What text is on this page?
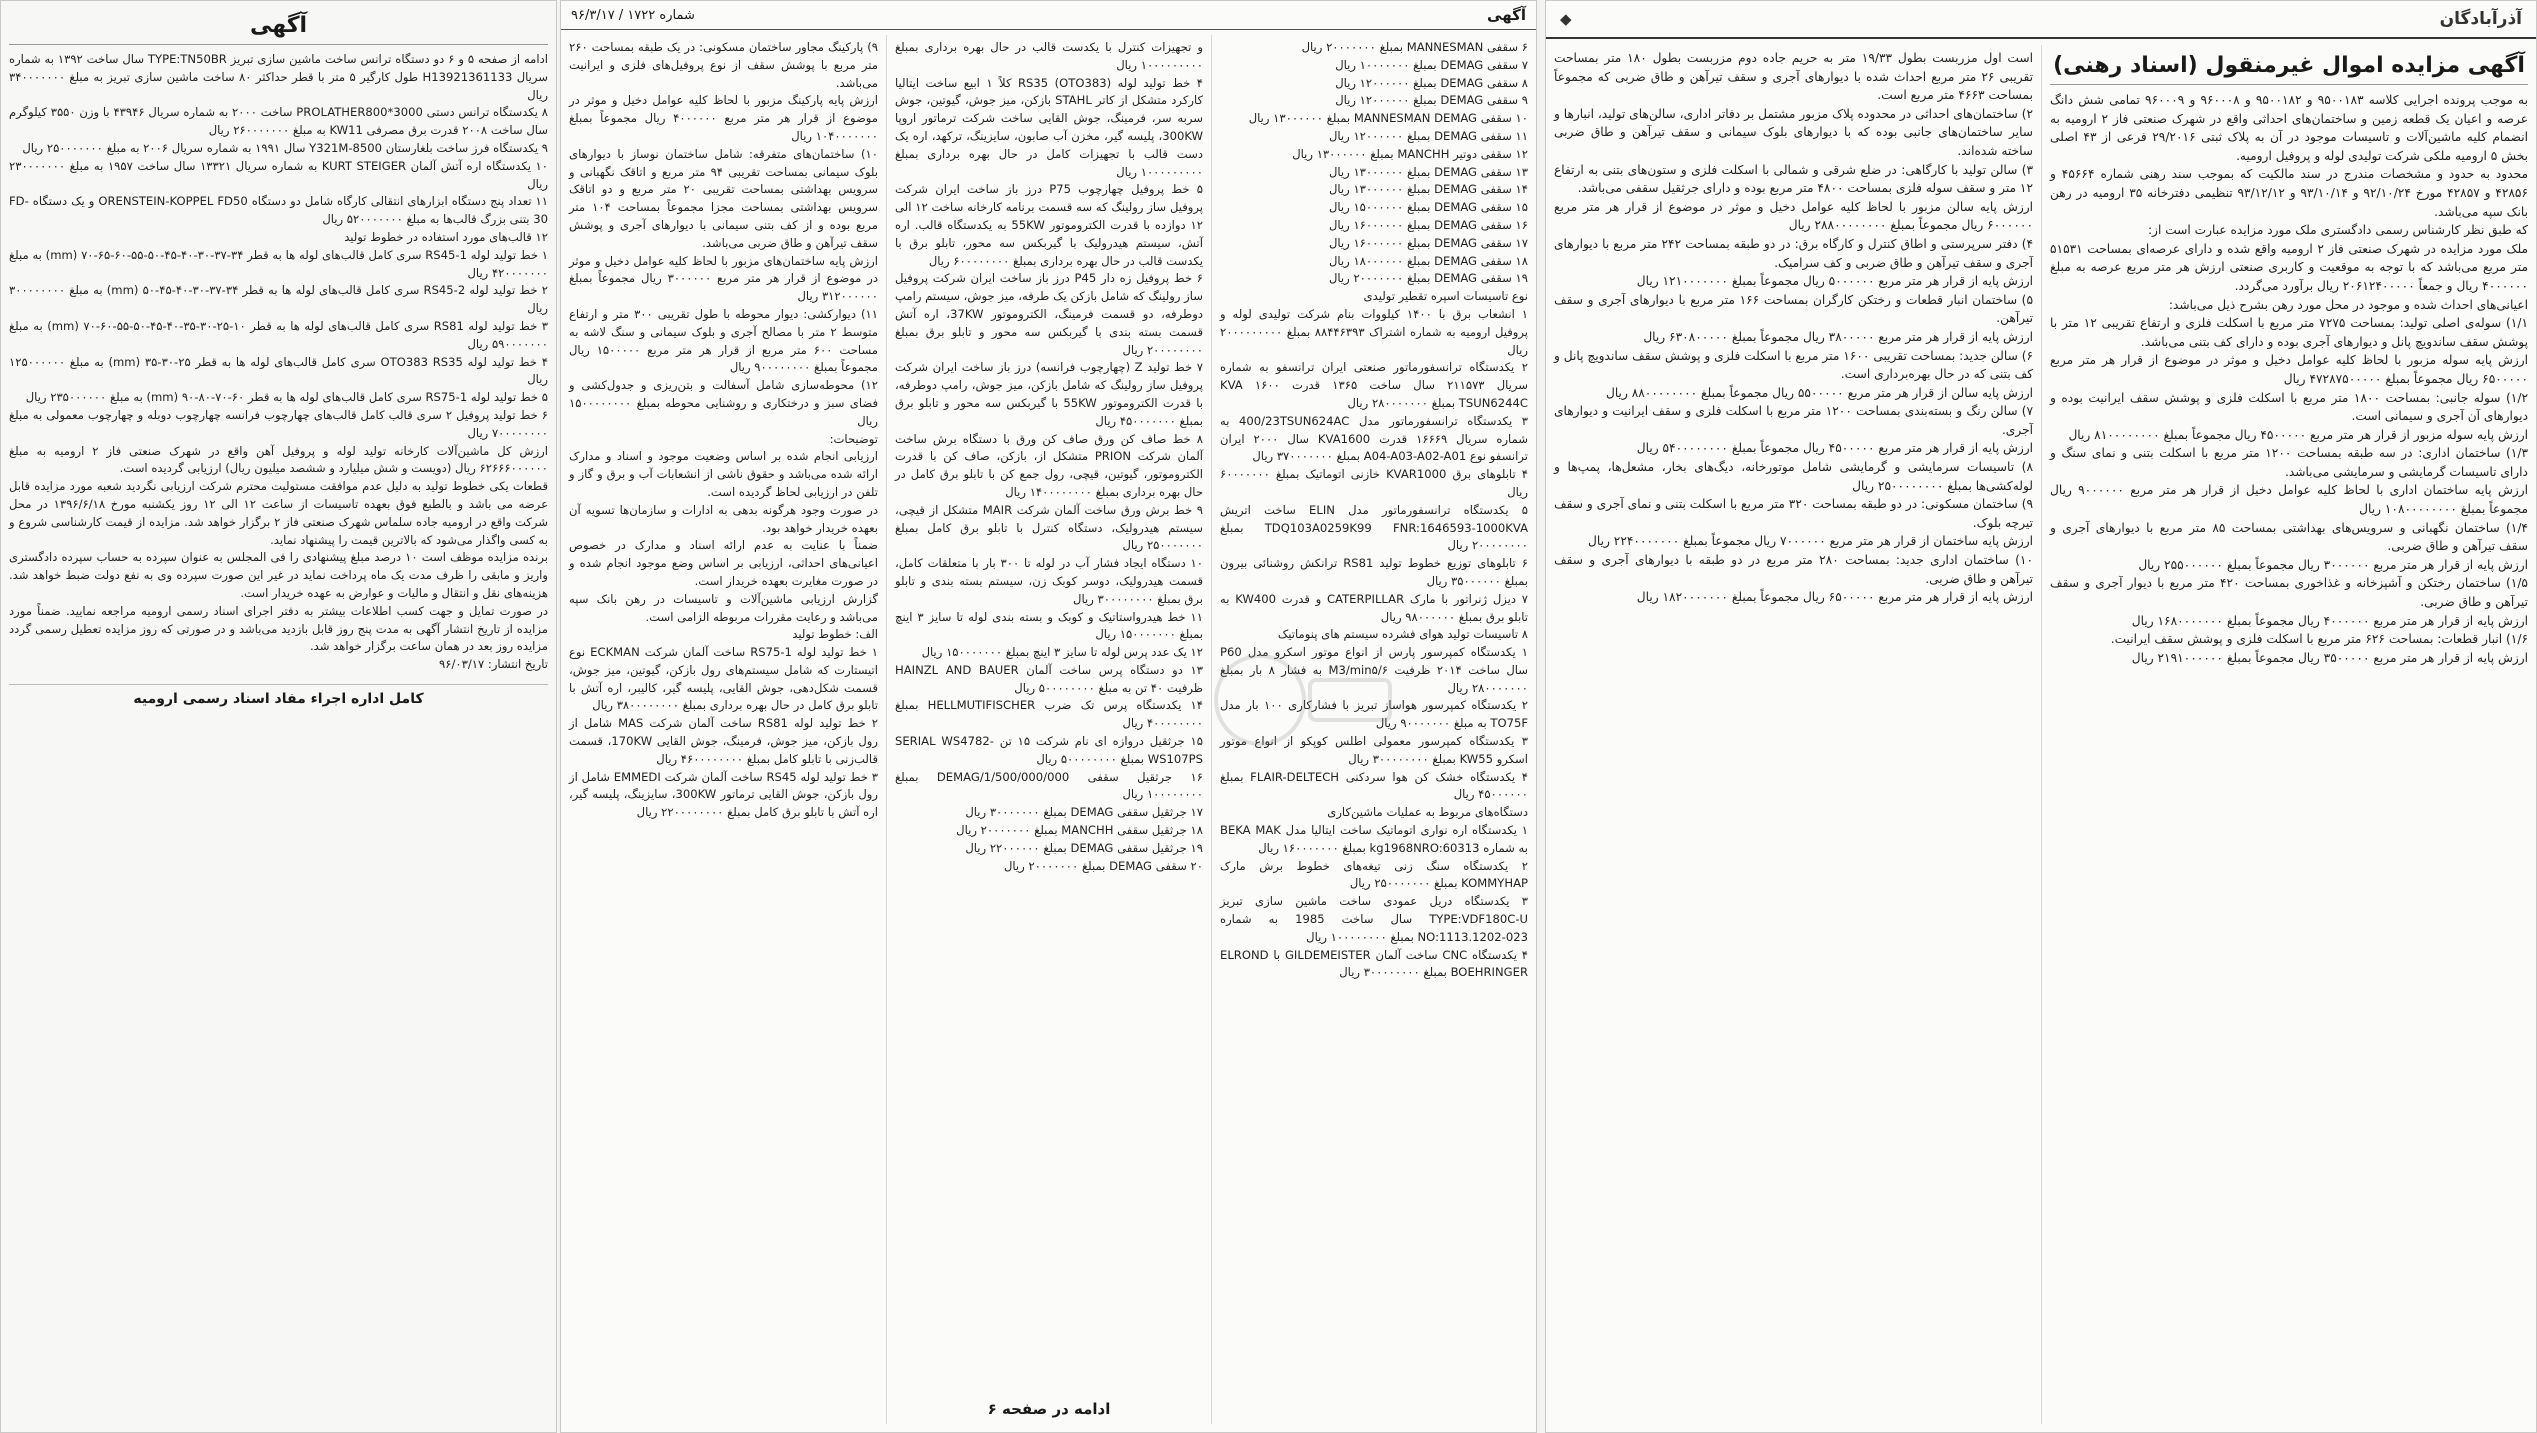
آگهی

ادامه از صفحه ۵ و ۶ دو دستگاه ترانس ساخت ماشین سازی تبریز TYPE:TN50BR سال ساخت ۱۳۹۲ به شماره سریال H13921361133 طول کارگیر ۵ متر با قطر حداکثر ۸۰ ساخت ماشین سازی تبریز به مبلغ ۳۴۰۰۰۰۰۰۰ ریال

۸ یکدستگاه ترانس دستی PROLATHER800*3000 ساخت ۲۰۰۰ به شماره سریال ۴۳۹۴۶ با وزن ۳۵۵۰ کیلوگرم سال ساخت ۲۰۰۸ قدرت برق مصرفی KW11 به مبلغ ۲۶۰۰۰۰۰۰۰ ریال

۹ یکدستگاه فرز ساخت بلغارستان Y321M-8500 سال ۱۹۹۱ به شماره سریال ۲۰۰۶ به مبلغ ۲۵۰۰۰۰۰۰۰ ریال

۱۰ یکدستگاه اره آتش آلمان KURT STEIGER به شماره سریال ۱۳۳۲۱ سال ساخت ۱۹۵۷ به مبلغ ۲۳۰۰۰۰۰۰۰ ریال

۱۱ تعداد پنج دستگاه ابزارهای انتقالی کارگاه شامل دو دستگاه ORENSTEIN-KOPPEL FD50 و یک دستگاه FD-30 بتنی بزرگ قالب‌ها به مبلغ ۵۲۰۰۰۰۰۰۰ ریال

۱۲ قالب‌های مورد استفاده در خطوط تولید

۱ خط تولید لوله RS45-1 سری کامل قالب‌های لوله ها به قطر ۳۴-۳۷-۳۰-۴۰-۴۵-۵۰-۵۵-۶۰-۶۵-۷۰ (mm) به مبلغ ۴۲۰۰۰۰۰۰۰ ریال

۲ خط تولید لوله RS45-2 سری کامل قالب‌های لوله ها به قطر ۳۴-۳۷-۳۰-۴۰-۴۵-۵۰ (mm) به مبلغ ۳۰۰۰۰۰۰۰۰ ریال

۳ خط تولید لوله RS81 سری کامل قالب‌های لوله ها به قطر ۱۰-۲۵-۳۰-۳۵-۴۰-۴۵-۵۰-۵۵-۶۰-۷۰ (mm) به مبلغ ۵۹۰۰۰۰۰۰۰ ریال

۴ خط تولید لوله OTO383 RS35 سری کامل قالب‌های لوله ها به قطر ۲۵-۳۰-۳۵ (mm) به مبلغ ۱۲۵۰۰۰۰۰۰ ریال

۵ خط تولید لوله RS75-1 سری کامل قالب‌های لوله ها به قطر ۶۰-۷۰-۸۰-۹۰ (mm) به مبلغ ۲۳۵۰۰۰۰۰۰ ریال

۶ خط تولید پروفیل ۲ سری قالب کامل قالب‌های چهارچوب فرانسه چهارچوب دوبله و چهارچوب معمولی به مبلغ ۷۰۰۰۰۰۰۰۰ ریال

ارزش کل ماشین‌آلات کارخانه تولید لوله و پروفیل آهن واقع در شهرک صنعتی فاز ۲ ارومیه به مبلغ ۶۲۶۶۶۰۰۰۰۰۰ ریال (دویست و شش میلیارد و ششصد میلیون ریال) ارزیابی گردیده است.

قطعات یکی خطوط تولید به دلیل عدم موافقت مستولیت محترم شرکت ارزیابی نگردید شعبه مورد مزایده قابل عرضه می باشد و بالطبع فوق بعهده تاسیسات از ساعت ۱۲ الی ۱۲ روز یکشنبه مورخ ۱۳۹۶/۶/۱۸ در محل شرکت واقع در ارومیه جاده سلماس شهرک صنعتی فاز ۲ برگزار خواهد شد. مزایده از قیمت کارشناسی شروع و به کسی واگذار می‌شود که بالاترین قیمت را پیشنهاد نماید.

برنده مزایده موظف است ۱۰ درصد مبلغ پیشنهادی را فی المجلس به عنوان سپرده به حساب سپرده دادگستری واریز و مابقی را ظرف مدت یک ماه پرداخت نماید در غیر این صورت سپرده وی به نفع دولت ضبط خواهد شد. هزینه‌های نقل و انتقال و مالیات و عوارض به عهده خریدار است.

در صورت تمایل و جهت کسب اطلاعات بیشتر به دفتر اجرای اسناد رسمی ارومیه مراجعه نمایید. ضمناً مورد مزایده از تاریخ انتشار آگهی به مدت پنج روز قابل بازدید می‌باشد و در صورتی که روز مزایده تعطیل رسمی گردد مزایده روز بعد در همان ساعت برگزار خواهد شد.

تاریخ انتشار: ۹۶/۰۳/۱۷

کامل اداره اجراء مفاد اسناد رسمی ارومیه
آگهی
شماره ۱۷۲۲ / ۹۶/۳/۱۷

۶ سقفی MANNESMAN بمبلغ ۲۰۰۰۰۰۰۰ ریال

۷ سقفی DEMAG بمبلغ ۱۰۰۰۰۰۰۰ ریال

۸ سقفی DEMAG بمبلغ ۱۲۰۰۰۰۰۰ ریال

۹ سقفی DEMAG بمبلغ ۱۲۰۰۰۰۰۰ ریال

۱۰ سقفی MANNESMAN DEMAG بمبلغ ۱۳۰۰۰۰۰۰ ریال

۱۱ سقفی DEMAG بمبلغ ۱۲۰۰۰۰۰۰ ریال

۱۲ سقفی دوتیر MANCHH بمبلغ ۱۳۰۰۰۰۰۰ ریال

۱۳ سقفی DEMAG بمبلغ ۱۳۰۰۰۰۰۰ ریال

۱۴ سقفی DEMAG بمبلغ ۱۳۰۰۰۰۰۰ ریال

۱۵ سقفی DEMAG بمبلغ ۱۵۰۰۰۰۰۰ ریال

۱۶ سقفی DEMAG بمبلغ ۱۶۰۰۰۰۰۰ ریال

۱۷ سقفی DEMAG بمبلغ ۱۶۰۰۰۰۰۰ ریال

۱۸ سقفی DEMAG بمبلغ ۱۸۰۰۰۰۰۰ ریال

۱۹ سقفی DEMAG بمبلغ ۲۰۰۰۰۰۰۰ ریال

نوع تاسیسات اسپره تقطیر تولیدی

۱ انشعاب برق با ۱۴۰۰ کیلووات بنام شرکت تولیدی لوله و پروفیل ارومیه به شماره اشتراک ۸۸۴۴۶۳۹۳ بمبلغ ۲۰۰۰۰۰۰۰۰۰ ریال

۲ یکدستگاه ترانسفورماتور صنعتی ایران ترانسفو به شماره سریال ۲۱۱۵۷۳ سال ساخت ۱۳۶۵ قدرت KVA ۱۶۰۰ TSUN6244C بمبلغ ۲۸۰۰۰۰۰۰۰ ریال

۳ یکدستگاه ترانسفورماتور مدل 400/23TSUN624AC به شماره سریال ۱۶۶۶۹ قدرت KVA1600 سال ۲۰۰۰ ایران ترانسفو نوع A04-A03-A02-A01 بمبلغ ۳۷۰۰۰۰۰۰۰ ریال

۴ تابلوهای برق KVAR1000 خازنی اتوماتیک بمبلغ ۶۰۰۰۰۰۰۰ ریال

۵ یکدستگاه ترانسفورماتور مدل ELIN ساخت اتریش TDQ103A0259K99 FNR:1646593-1000KVA بمبلغ ۲۰۰۰۰۰۰۰۰ ریال

۶ تابلوهای توزیع خطوط تولید RS81 ترانکش روشنائی بیرون بمبلغ ۳۵۰۰۰۰۰۰ ریال

۷ دیزل ژنراتور با مارک CATERPILLAR و قدرت KW400 به تابلو برق بمبلغ ۹۸۰۰۰۰۰۰ ریال

۸ تاسیسات تولید هوای فشرده سیستم های پنوماتیک

۱ یکدستگاه کمپرسور پارس از انواع موتور اسکرو مدل P60 سال ساخت ۲۰۱۴ ظرفیت M3/min۵/۶ به فشار ۸ بار بمبلغ ۲۸۰۰۰۰۰۰۰ ریال

۲ یکدستگاه کمپرسور هواساز تبریز با فشارکاری ۱۰۰ بار مدل TO75F به مبلغ ۹۰۰۰۰۰۰۰ ریال

۳ یکدستگاه کمپرسور معمولی اطلس کوپکو از انواع موتور اسکرو KW55 بمبلغ ۳۰۰۰۰۰۰۰۰ ریال

۴ یکدستگاه خشک کن هوا سردکنی FLAIR-DELTECH بمبلغ ۴۵۰۰۰۰۰۰ ریال

دستگاه‌های مربوط به عملیات ماشین‌کاری

۱ یکدستگاه اره نواری اتوماتیک ساخت ایتالیا مدل BEKA MAK به شماره kg1968NRO:60313 بمبلغ ۱۶۰۰۰۰۰۰۰ ریال

۲ یکدستگاه سنگ زنی تیغه‌های خطوط برش مارک KOMMYHAP بمبلغ ۲۵۰۰۰۰۰۰۰ ریال

۳ یکدستگاه دریل عمودی ساخت ماشین سازی تبریز TYPE:VDF180C-U سال ساخت 1985 به شماره NO:1113.1202-023 بمبلغ ۱۰۰۰۰۰۰۰۰ ریال

۴ یکدستگاه CNC ساخت آلمان GILDEMEISTER با ELROND BOEHRINGER بمبلغ ۳۰۰۰۰۰۰۰۰ ریال

و تجهیزات کنترل با یکدست قالب در حال بهره برداری بمبلغ ۱۰۰۰۰۰۰۰۰۰ ریال

۴ خط تولید لوله RS35 (OTO383) کلاً ۱ ابیع ساخت ایتالیا کارکرد متشکل از کاتر STAHL بازکن، میز جوش، گیوتین، جوش سربه سر، فرمینگ، جوش القایی ساخت شرکت ترماتور اروپا 300KW، پلیسه گیر، مخزن آب صابون، سایزینگ، ترکهد، اره یک دست قالب با تجهیزات کامل در حال بهره برداری بمبلغ ۱۰۰۰۰۰۰۰۰۰ ریال

۵ خط پروفیل چهارچوب P75 درز باز ساخت ایران شرکت پروفیل ساز رولینگ که سه قسمت برنامه کارخانه ساخت ۱۲ الی ۱۲ دوازده با قدرت الکتروموتور 55KW به یکدستگاه قالب. اره آتش، سیستم هیدرولیک با گیربکس سه محور، تابلو برق با یکدست قالب در حال بهره برداری بمبلغ ۶۰۰۰۰۰۰۰۰ ریال

۶ خط پروفیل زه دار P45 درز باز ساخت ایران شرکت پروفیل ساز رولینگ که شامل بازکن یک طرفه، میز جوش، سیستم رامپ دوطرفه، دو قسمت فرمینگ، الکتروموتور 37KW، اره آتش قسمت بسته بندی با گیربکس سه محور و تابلو برق بمبلغ ۲۰۰۰۰۰۰۰۰ ریال

۷ خط تولید Z (چهارچوب فرانسه) درز باز ساخت ایران شرکت پروفیل ساز رولینگ که شامل بازکن، میز جوش، رامپ دوطرفه، با قدرت الکتروموتور 55KW با گیربکس سه محور و تابلو برق بمبلغ ۴۵۰۰۰۰۰۰۰ ریال

۸ خط صاف کن ورق صاف کن ورق با دستگاه برش ساخت آلمان شرکت PRION متشکل از، بازکن، صاف کن با قدرت الکتروموتور، گیوتین، قیچی، رول جمع کن با تابلو برق کامل در حال بهره برداری بمبلغ ۱۴۰۰۰۰۰۰۰۰ ریال

۹ خط برش ورق ساخت آلمان شرکت MAIR متشکل از قیچی، سیستم هیدرولیک، دستگاه کنترل با تابلو برق کامل بمبلغ ۲۵۰۰۰۰۰۰۰ ریال

۱۰ دستگاه ایجاد فشار آب در لوله تا ۳۰۰ بار با متعلقات کامل، قسمت هیدرولیک، دوسر کوبک زن، سیستم بسته بندی و تابلو برق بمبلغ ۳۰۰۰۰۰۰۰۰ ریال

۱۱ خط هیدرواستاتیک و کوبک و بسته بندی لوله تا سایز ۳ اینچ بمبلغ ۱۵۰۰۰۰۰۰۰ ریال

۱۲ یک عدد پرس لوله تا سایز ۳ اینچ بمبلغ ۱۵۰۰۰۰۰۰۰ ریال

۱۳ دو دستگاه پرس ساخت آلمان HAINZL AND BAUER ظرفیت ۴۰ تن به مبلغ ۵۰۰۰۰۰۰۰۰ ریال

۱۴ یکدستگاه پرس تک ضرب HELLMUTIFISCHER بمبلغ ۴۰۰۰۰۰۰۰۰ ریال

۱۵ جرثقیل دروازه ای نام شرکت ۱۵ تن SERIAL WS4782-WS107PS بمبلغ ۵۰۰۰۰۰۰۰۰ ریال

۱۶ جرثقیل سقفی DEMAG/1/500/000/000 بمبلغ ۱۰۰۰۰۰۰۰۰ ریال

۱۷ جرثقیل سقفی DEMAG بمبلغ ۳۰۰۰۰۰۰۰ ریال

۱۸ جرثقیل سقفی MANCHH بمبلغ ۲۰۰۰۰۰۰۰ ریال

۱۹ جرثقیل سقفی DEMAG بمبلغ ۲۲۰۰۰۰۰۰ ریال

۲۰ سقفی DEMAG بمبلغ ۲۰۰۰۰۰۰۰ ریال

ادامه در صفحه ۶

۹) پارکینگ مجاور ساختمان مسکونی: در یک طبقه بمساحت ۲۶۰ متر مربع با پوشش سقف از نوع پروفیل‌های فلزی و ایرانیت می‌باشد.

ارزش پایه پارکینگ مزبور با لحاظ کلیه عوامل دخیل و موثر در موضوع از قرار هر متر مربع ۴۰۰۰۰۰۰ ریال مجموعاً بمبلغ ۱۰۴۰۰۰۰۰۰۰ ریال

۱۰) ساختمان‌های متفرقه: شامل ساختمان نوساز با دیوارهای بلوک سیمانی بمساحت تقریبی ۹۴ متر مربع و اتاقک نگهبانی و سرویس بهداشتی بمساحت تقریبی ۲۰ متر مربع و دو اتاقک سرویس بهداشتی بمساحت مجزا مجموعاً بمساحت ۱۰۴ متر مربع بوده و از کف بتنی سیمانی با دیوارهای آجری و پوشش سقف تیرآهن و طاق ضربی می‌باشد.

ارزش پایه ساختمان‌های مزبور با لحاظ کلیه عوامل دخیل و موثر در موضوع از قرار هر متر مربع ۳۰۰۰۰۰۰ ریال مجموعاً بمبلغ ۳۱۲۰۰۰۰۰۰ ریال

۱۱) دیوارکشی: دیوار محوطه با طول تقریبی ۳۰۰ متر و ارتفاع متوسط ۲ متر با مصالح آجری و بلوک سیمانی و سنگ لاشه به مساحت ۶۰۰ متر مربع از قرار هر متر مربع ۱۵۰۰۰۰۰ ریال مجموعاً بمبلغ ۹۰۰۰۰۰۰۰۰ ریال

۱۲) محوطه‌سازی شامل آسفالت و بتن‌ریزی و جدول‌کشی و فضای سبز و درختکاری و روشنایی محوطه بمبلغ ۱۵۰۰۰۰۰۰۰۰ ریال

توضیحات:

ارزیابی انجام شده بر اساس وضعیت موجود و اسناد و مدارک ارائه شده می‌باشد و حقوق ناشی از انشعابات آب و برق و گاز و تلفن در ارزیابی لحاظ گردیده است.

در صورت وجود هرگونه بدهی به ادارات و سازمان‌ها تسویه آن بعهده خریدار خواهد بود.

ضمناً با عنایت به عدم ارائه اسناد و مدارک در خصوص اعیانی‌های احداثی، ارزیابی بر اساس وضع موجود انجام شده و در صورت مغایرت بعهده خریدار است.

گزارش ارزیابی ماشین‌آلات و تاسیسات در رهن بانک سپه می‌باشد و رعایت مقررات مربوطه الزامی است.

الف: خطوط تولید

۱ خط تولید لوله RS75-1 ساخت آلمان شرکت ECKMAN نوع اتیستارت که شامل سیستم‌های رول بازکن، گیوتین، میز جوش، قسمت شکل‌دهی، جوش القایی، پلیسه گیر، کالیبر، اره آتش با تابلو برق کامل در حال بهره برداری بمبلغ ۳۸۰۰۰۰۰۰۰۰ ریال

۲ خط تولید لوله RS81 ساخت آلمان شرکت MAS شامل از رول بازکن، میز جوش، فرمینگ، جوش القایی 170KW، قسمت قالب‌زنی با تابلو کامل بمبلغ ۴۶۰۰۰۰۰۰۰۰ ریال

۳ خط تولید لوله RS45 ساخت آلمان شرکت EMMEDI شامل از رول بازکن، جوش القایی ترماتور 300KW، سایزینگ، پلیسه گیر، اره آتش با تابلو برق کامل بمبلغ ۲۲۰۰۰۰۰۰۰۰ ریال

آذرآبادگان
◆
آگهی مزایده اموال غیرمنقول (اسناد رهنی)

به موجب پرونده اجرایی کلاسه ۹۵۰۰۱۸۳ و ۹۵۰۰۱۸۲ و ۹۶۰۰۰۸ و ۹۶۰۰۰۹ تمامی شش دانگ عرصه و اعیان یک قطعه زمین و ساختمان‌های احداثی واقع در شهرک صنعتی فاز ۲ ارومیه به انضمام کلیه ماشین‌آلات و تاسیسات موجود در آن به پلاک ثبتی ۲۹/۲۰۱۶ فرعی از ۴۳ اصلی بخش ۵ ارومیه ملکی شرکت تولیدی لوله و پروفیل ارومیه.

محدود به حدود و مشخصات مندرج در سند مالکیت که بموجب سند رهنی شماره ۴۵۶۶۴ و ۴۲۸۵۶ و ۴۲۸۵۷ مورخ ۹۲/۱۰/۲۴ و ۹۳/۱۰/۱۴ و ۹۳/۱۲/۱۲ تنظیمی دفترخانه ۳۵ ارومیه در رهن بانک سپه می‌باشد.

که طبق نظر کارشناس رسمی دادگستری ملک مورد مزایده عبارت است از:

ملک مورد مزایده در شهرک صنعتی فاز ۲ ارومیه واقع شده و دارای عرصه‌ای بمساحت ۵۱۵۳۱ متر مربع می‌باشد که با توجه به موقعیت و کاربری صنعتی ارزش هر متر مربع عرصه به مبلغ ۴۰۰۰۰۰۰ ریال و جمعاً ۲۰۶۱۲۴۰۰۰۰۰ ریال برآورد می‌گردد.

اعیانی‌های احداث شده و موجود در محل مورد رهن بشرح ذیل می‌باشد:

۱/۱) سوله‌ی اصلی تولید: بمساحت ۷۲۷۵ متر مربع با اسکلت فلزی و ارتفاع تقریبی ۱۲ متر با پوشش سقف ساندویچ پانل و دیوارهای آجری بوده و دارای کف بتنی می‌باشد.

ارزش پایه سوله مزبور با لحاظ کلیه عوامل دخیل و موثر در موضوع از قرار هر متر مربع ۶۵۰۰۰۰۰ ریال مجموعاً بمبلغ ۴۷۲۸۷۵۰۰۰۰۰ ریال

۱/۲) سوله جانبی: بمساحت ۱۸۰۰ متر مربع با اسکلت فلزی و پوشش سقف ایرانیت بوده و دیوارهای آن آجری و سیمانی است.

ارزش پایه سوله مزبور از قرار هر متر مربع ۴۵۰۰۰۰۰ ریال مجموعاً بمبلغ ۸۱۰۰۰۰۰۰۰۰ ریال

۱/۳) ساختمان اداری: در سه طبقه بمساحت ۱۲۰۰ متر مربع با اسکلت بتنی و نمای سنگ و دارای تاسیسات گرمایشی و سرمایشی می‌باشد.

ارزش پایه ساختمان اداری با لحاظ کلیه عوامل دخیل از قرار هر متر مربع ۹۰۰۰۰۰۰ ریال مجموعاً بمبلغ ۱۰۸۰۰۰۰۰۰۰۰ ریال

۱/۴) ساختمان نگهبانی و سرویس‌های بهداشتی بمساحت ۸۵ متر مربع با دیوارهای آجری و سقف تیرآهن و طاق ضربی.

ارزش پایه از قرار هر متر مربع ۳۰۰۰۰۰۰ ریال مجموعاً بمبلغ ۲۵۵۰۰۰۰۰۰ ریال

۱/۵) ساختمان رختکن و آشپزخانه و غذاخوری بمساحت ۴۲۰ متر مربع با دیوار آجری و سقف تیرآهن و طاق ضربی.

ارزش پایه از قرار هر متر مربع ۴۰۰۰۰۰۰ ریال مجموعاً بمبلغ ۱۶۸۰۰۰۰۰۰۰ ریال

۱/۶) انبار قطعات: بمساحت ۶۲۶ متر مربع با اسکلت فلزی و پوشش سقف ایرانیت.

ارزش پایه از قرار هر متر مربع ۳۵۰۰۰۰۰ ریال مجموعاً بمبلغ ۲۱۹۱۰۰۰۰۰۰ ریال

است اول مزربست بطول ۱۹/۳۳ متر به حریم جاده دوم مزربست بطول ۱۸۰ متر بمساحت تقریبی ۲۶ متر مربع احداث شده با دیوارهای آجری و سقف تیرآهن و طاق ضربی که مجموعاً بمساحت ۴۶۶۳ متر مربع است.

۲) ساختمان‌های احداثی در محدوده پلاک مزبور مشتمل بر دفاتر اداری، سالن‌های تولید، انبارها و سایر ساختمان‌های جانبی بوده که با دیوارهای بلوک سیمانی و سقف تیرآهن و طاق ضربی ساخته شده‌اند.

۳) سالن تولید با کارگاهی: در ضلع شرقی و شمالی با اسکلت فلزی و ستون‌های بتنی به ارتفاع ۱۲ متر و سقف سوله فلزی بمساحت ۴۸۰۰ متر مربع بوده و دارای جرثقیل سقفی می‌باشد.

ارزش پایه سالن مزبور با لحاظ کلیه عوامل دخیل و موثر در موضوع از قرار هر متر مربع ۶۰۰۰۰۰۰ ریال مجموعاً بمبلغ ۲۸۸۰۰۰۰۰۰۰۰ ریال

۴) دفتر سرپرستی و اطاق کنترل و کارگاه برق: در دو طبقه بمساحت ۲۴۲ متر مربع با دیوارهای آجری و سقف تیرآهن و طاق ضربی و کف سرامیک.

ارزش پایه از قرار هر متر مربع ۵۰۰۰۰۰۰ ریال مجموعاً بمبلغ ۱۲۱۰۰۰۰۰۰۰ ریال

۵) ساختمان انبار قطعات و رختکن کارگران بمساحت ۱۶۶ متر مربع با دیوارهای آجری و سقف تیرآهن.

ارزش پایه از قرار هر متر مربع ۳۸۰۰۰۰۰ ریال مجموعاً بمبلغ ۶۳۰۸۰۰۰۰۰ ریال

۶) سالن جدید: بمساحت تقریبی ۱۶۰۰ متر مربع با اسکلت فلزی و پوشش سقف ساندویچ پانل و کف بتنی که در حال بهره‌برداری است.

ارزش پایه سالن از قرار هر متر مربع ۵۵۰۰۰۰۰ ریال مجموعاً بمبلغ ۸۸۰۰۰۰۰۰۰۰ ریال

۷) سالن رنگ و بسته‌بندی بمساحت ۱۲۰۰ متر مربع با اسکلت فلزی و سقف ایرانیت و دیوارهای آجری.

ارزش پایه از قرار هر متر مربع ۴۵۰۰۰۰۰ ریال مجموعاً بمبلغ ۵۴۰۰۰۰۰۰۰۰ ریال

۸) تاسیسات سرمایشی و گرمایشی شامل موتورخانه، دیگ‌های بخار، مشعل‌ها، پمپ‌ها و لوله‌کشی‌ها بمبلغ ۲۵۰۰۰۰۰۰۰۰ ریال

۹) ساختمان مسکونی: در دو طبقه بمساحت ۳۲۰ متر مربع با اسکلت بتنی و نمای آجری و سقف تیرچه بلوک.

ارزش پایه ساختمان از قرار هر متر مربع ۷۰۰۰۰۰۰ ریال مجموعاً بمبلغ ۲۲۴۰۰۰۰۰۰۰ ریال

۱۰) ساختمان اداری جدید: بمساحت ۲۸۰ متر مربع در دو طبقه با دیوارهای آجری و سقف تیرآهن و طاق ضربی.

ارزش پایه از قرار هر متر مربع ۶۵۰۰۰۰۰ ریال مجموعاً بمبلغ ۱۸۲۰۰۰۰۰۰۰ ریال
